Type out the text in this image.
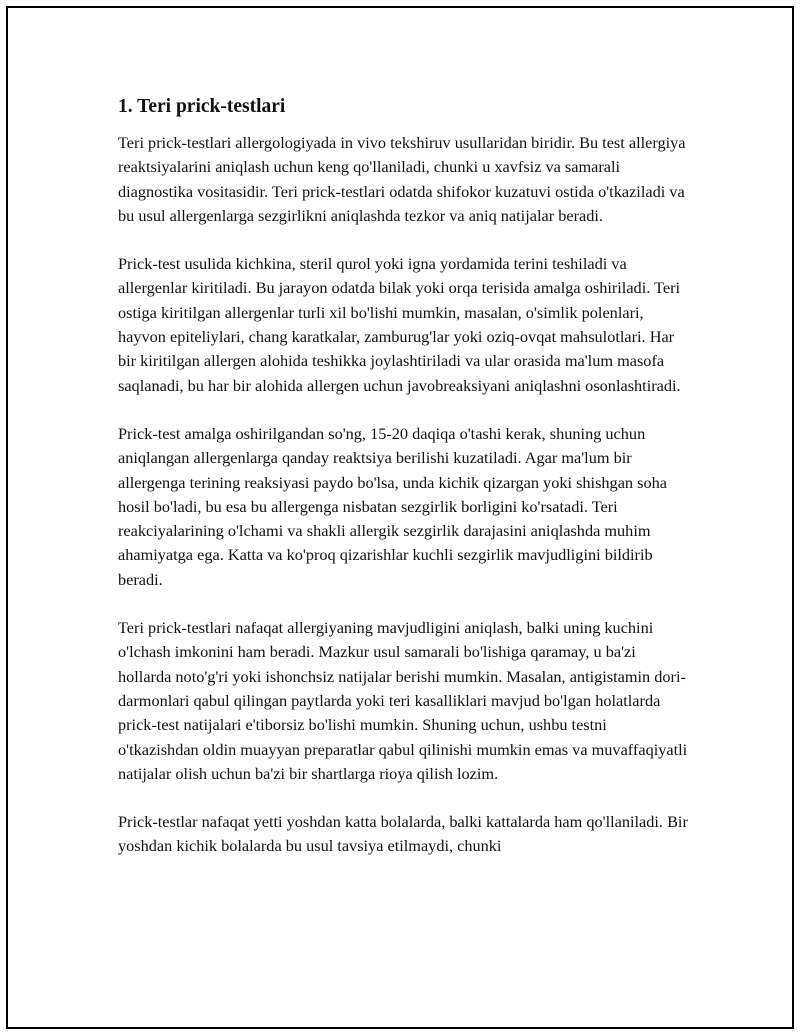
1. Teri prick-testlari

Teri prick-testlari allergologiyada in vivo tekshiruv usullaridan biridir. Bu test allergiya reaktsiyalarini aniqlash uchun keng qo'llaniladi, chunki u xavfsiz va samarali diagnostika vositasidir. Teri prick-testlari odatda shifokor kuzatuvi ostida o'tkaziladi va bu usul allergenlarga sezgirlikni aniqlashda tezkor va aniq natijalar beradi.

Prick-test usulida kichkina, steril qurol yoki igna yordamida terini teshiladi va allergenlar kiritiladi. Bu jarayon odatda bilak yoki orqa terisida amalga oshiriladi. Teri ostiga kiritilgan allergenlar turli xil bo'lishi mumkin, masalan, o'simlik polenlari, hayvon epiteliylari, chang karatkalar, zamburug'lar yoki oziq-ovqat mahsulotlari. Har bir kiritilgan allergen alohida teshikka joylashtiriladi va ular orasida ma'lum masofa saqlanadi, bu har bir alohida allergen uchun javobreaksiyani aniqlashni osonlashtiradi.

Prick-test amalga oshirilgandan so'ng, 15-20 daqiqa o'tashi kerak, shuning uchun aniqlangan allergenlarga qanday reaktsiya berilishi kuzatiladi. Agar ma'lum bir allergenga terining reaksiyasi paydo bo'lsa, unda kichik qizargan yoki shishgan soha hosil bo'ladi, bu esa bu allergenga nisbatan sezgirlik borligini ko'rsatadi. Teri reakciyalarining o'lchami va shakli allergik sezgirlik darajasini aniqlashda muhim ahamiyatga ega. Katta va ko'proq qizarishlar kuchli sezgirlik mavjudligini bildirib beradi.

Teri prick-testlari nafaqat allergiyaning mavjudligini aniqlash, balki uning kuchini o'lchash imkonini ham beradi. Mazkur usul samarali bo'lishiga qaramay, u ba'zi hollarda noto'g'ri yoki ishonchsiz natijalar berishi mumkin. Masalan, antigistamin dori-darmonlari qabul qilingan paytlarda yoki teri kasalliklari mavjud bo'lgan holatlarda prick-test natijalari e'tiborsiz bo'lishi mumkin. Shuning uchun, ushbu testni o'tkazishdan oldin muayyan preparatlar qabul qilinishi mumkin emas va muvaffaqiyatli natijalar olish uchun ba'zi bir shartlarga rioya qilish lozim.

Prick-testlar nafaqat yetti yoshdan katta bolalarda, balki kattalarda ham qo'llaniladi. Bir yoshdan kichik bolalarda bu usul tavsiya etilmaydi, chunki
